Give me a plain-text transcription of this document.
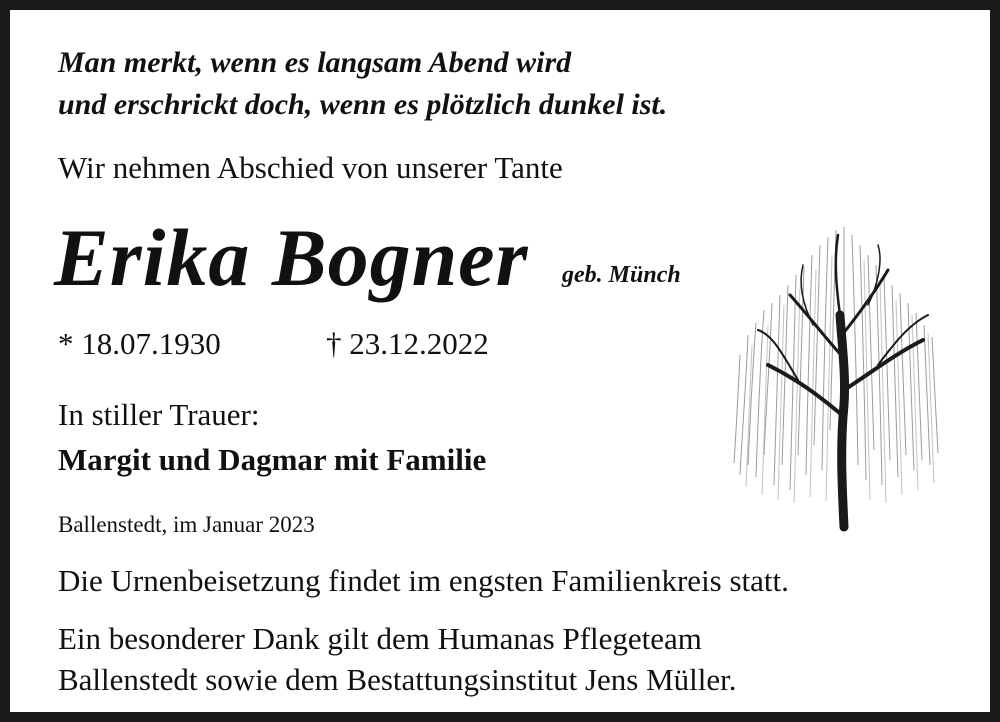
Man merkt, wenn es langsam Abend wird

und erschrickt doch, wenn es plötzlich dunkel ist.

Wir nehmen Abschied von unserer Tante

Erika Bogner geb. Münch

* 18.07.1930	† 23.12.2022

In stiller Trauer:

Margit und Dagmar mit Familie

Ballenstedt, im Januar 2023

Die Urnenbeisetzung findet im engsten Familienkreis statt.

Ein besonderer Dank gilt dem Humanas Pflegeteam

Ballenstedt sowie dem Bestattungsinstitut Jens Müller.
